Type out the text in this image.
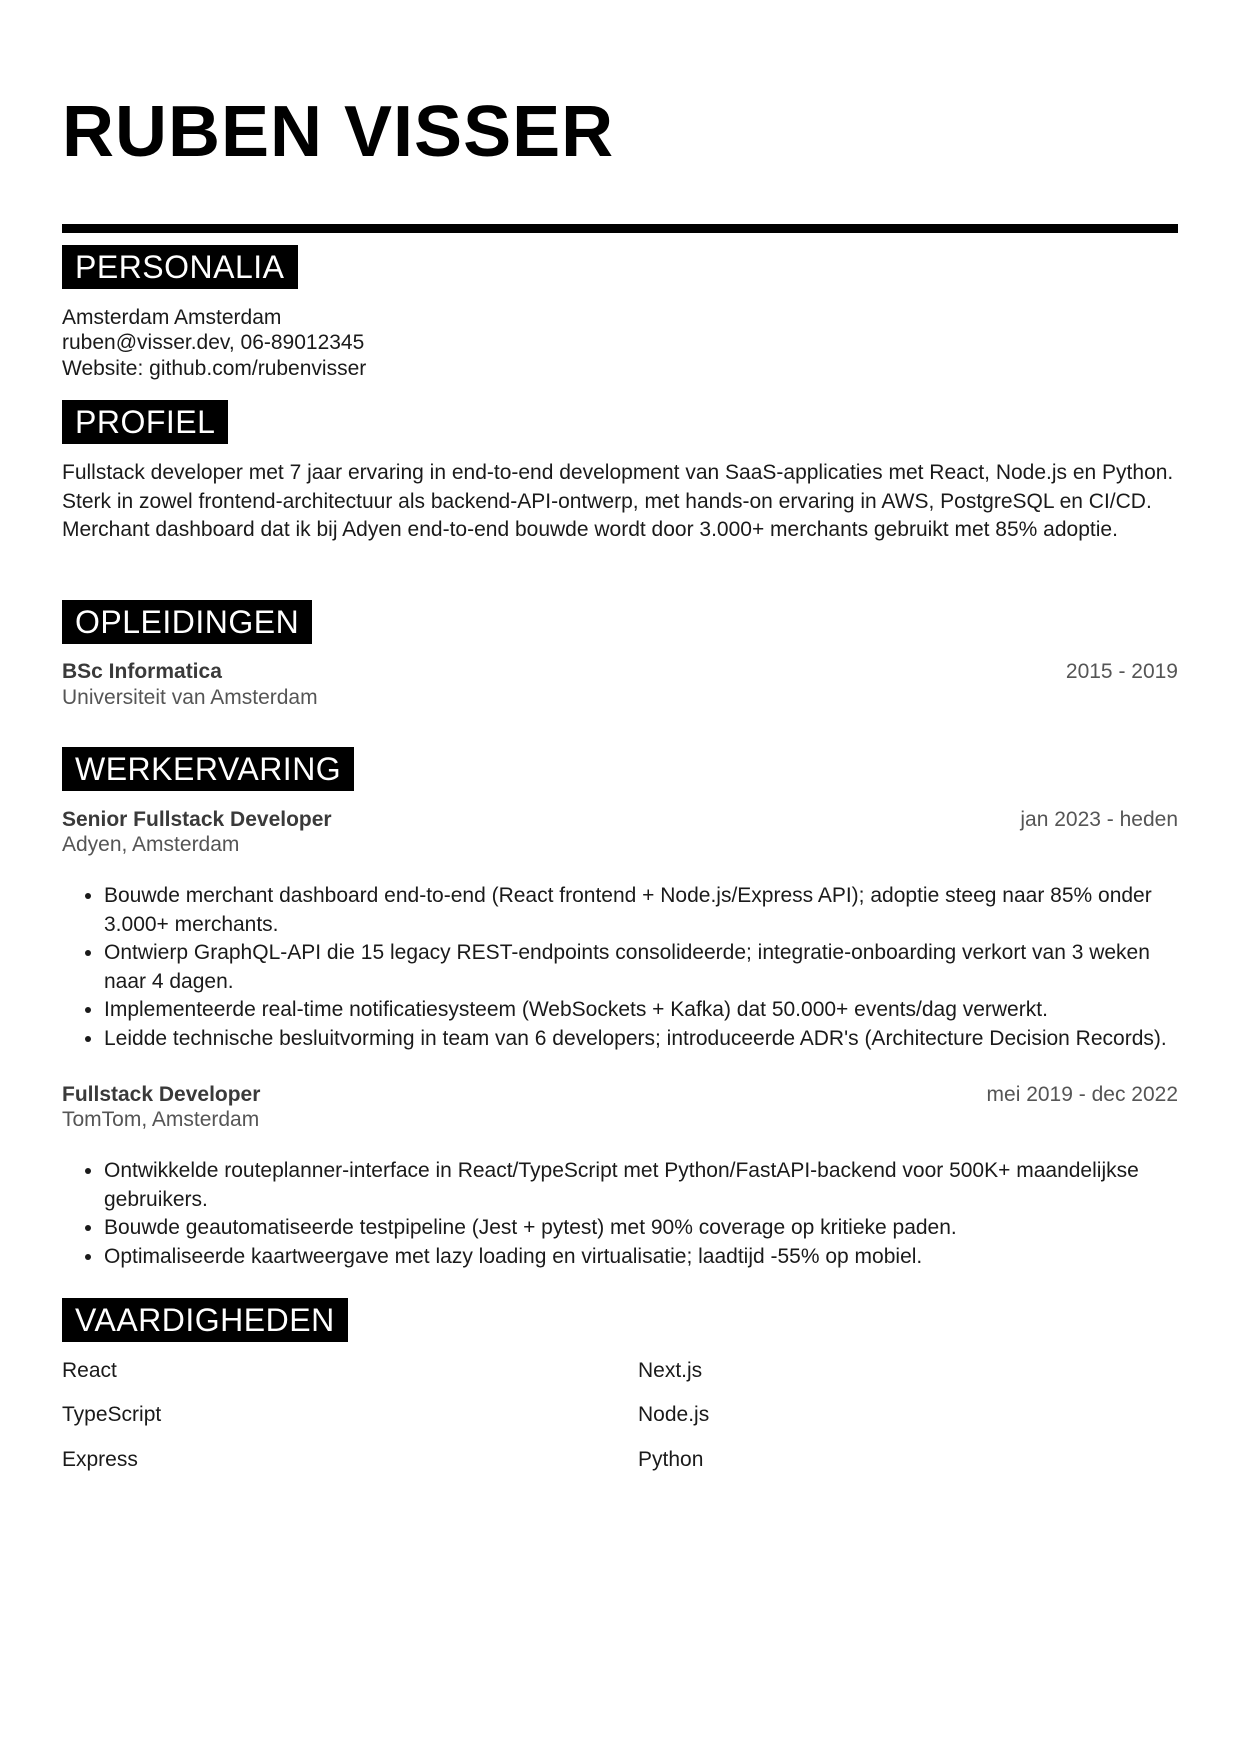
RUBEN VISSER
PERSONALIA
Amsterdam Amsterdam
ruben@visser.dev, 06-89012345
Website: github.com/rubenvisser
PROFIEL
Fullstack developer met 7 jaar ervaring in end-to-end development van SaaS-applicaties met React, Node.js en Python. Sterk in zowel frontend-architectuur als backend-API-ontwerp, met hands-on ervaring in AWS, PostgreSQL en CI/CD. Merchant dashboard dat ik bij Adyen end-to-end bouwde wordt door 3.000+ merchants gebruikt met 85% adoptie.
OPLEIDINGEN
BSc Informatica	2015 - 2019
Universiteit van Amsterdam
WERKERVARING
Senior Fullstack Developer	jan 2023 - heden
Adyen, Amsterdam
• Bouwde merchant dashboard end-to-end (React frontend + Node.js/Express API); adoptie steeg naar 85% onder 3.000+ merchants.
• Ontwierp GraphQL-API die 15 legacy REST-endpoints consolideerde; integratie-onboarding verkort van 3 weken naar 4 dagen.
• Implementeerde real-time notificatiesysteem (WebSockets + Kafka) dat 50.000+ events/dag verwerkt.
• Leidde technische besluitvorming in team van 6 developers; introduceerde ADR's (Architecture Decision Records).
Fullstack Developer	mei 2019 - dec 2022
TomTom, Amsterdam
• Ontwikkelde routeplanner-interface in React/TypeScript met Python/FastAPI-backend voor 500K+ maandelijkse gebruikers.
• Bouwde geautomatiseerde testpipeline (Jest + pytest) met 90% coverage op kritieke paden.
• Optimaliseerde kaartweergave met lazy loading en virtualisatie; laadtijd -55% op mobiel.
VAARDIGHEDEN
React	Next.js
TypeScript	Node.js
Express	Python
